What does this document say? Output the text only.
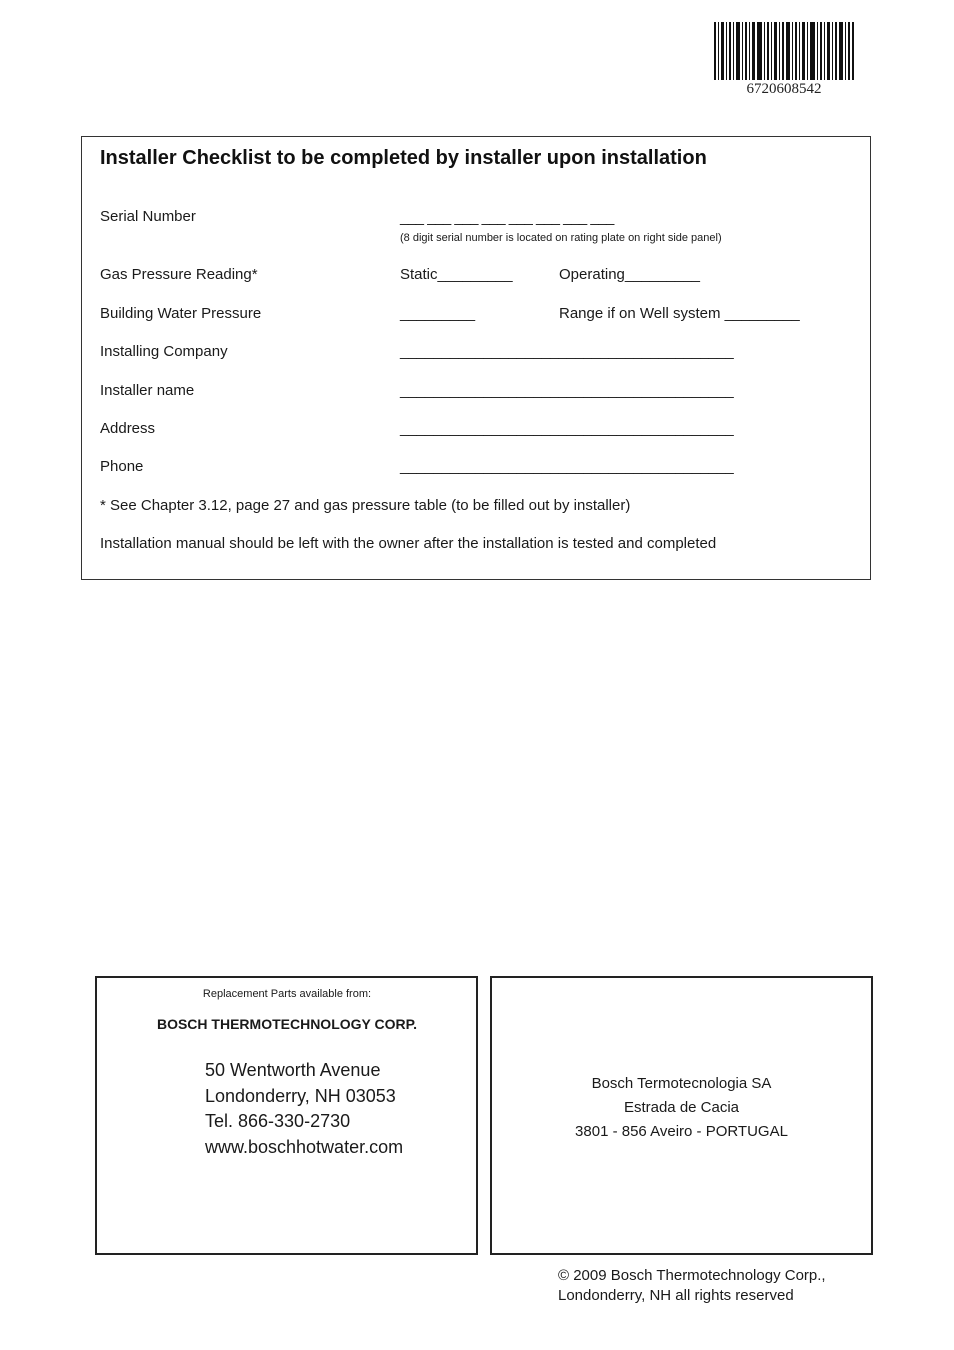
6720608542
Installer Checklist to be completed by installer upon installation
Serial Number	___ ___ ___ ___ ___ ___ ___ ___
(8 digit serial number is located on rating plate on right side panel)
Gas Pressure Reading*	Static_________	Operating_________
Building Water Pressure	_________	Range if on Well system _________
Installing Company	________________________________________
Installer name	________________________________________
Address	________________________________________
Phone	________________________________________
* See Chapter 3.12, page 27 and gas pressure table (to be filled out by installer)
Installation manual should be left with the owner after the installation is tested and completed
Replacement Parts available from:
BOSCH THERMOTECHNOLOGY CORP.
50 Wentworth Avenue
Londonderry, NH 03053
Tel. 866-330-2730
www.boschhotwater.com
Bosch Termotecnologia SA
Estrada de Cacia
3801 - 856 Aveiro - PORTUGAL
© 2009 Bosch Thermotechnology Corp.,
Londonderry, NH all rights reserved
